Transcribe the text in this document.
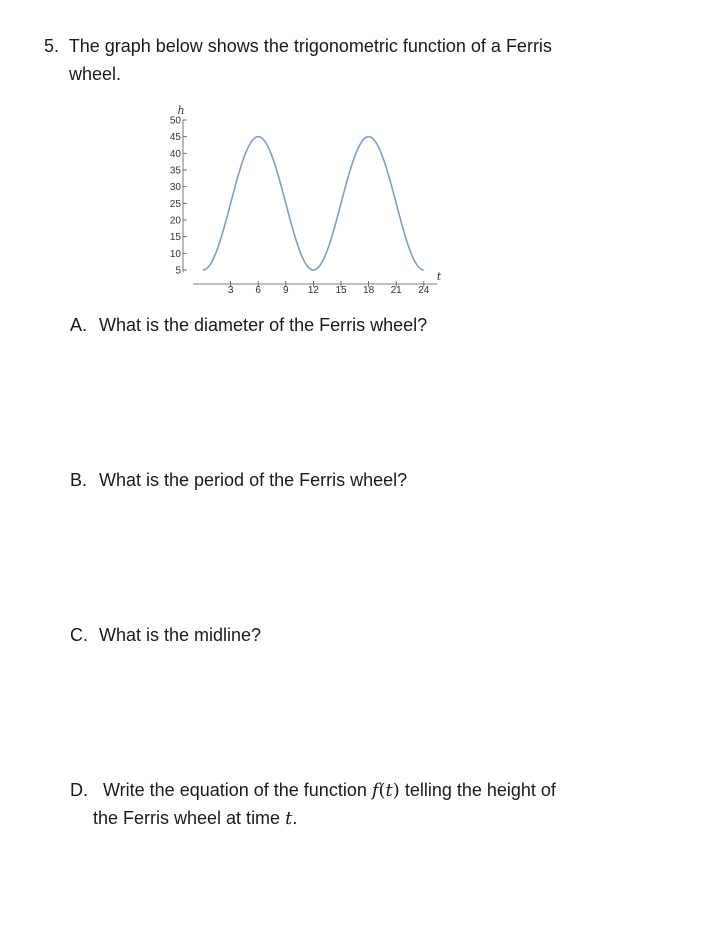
5. The graph below shows the trigonometric function of a Ferris
wheel.
5
10
15
20
25
30
35
40
45
50
3 6 9 12 15 18 21 24
h
t
A. What is the diameter of the Ferris wheel?
B. What is the period of the Ferris wheel?
C. What is the midline?
D. Write the equation of the function f(t) telling the height of
the Ferris wheel at time t.
